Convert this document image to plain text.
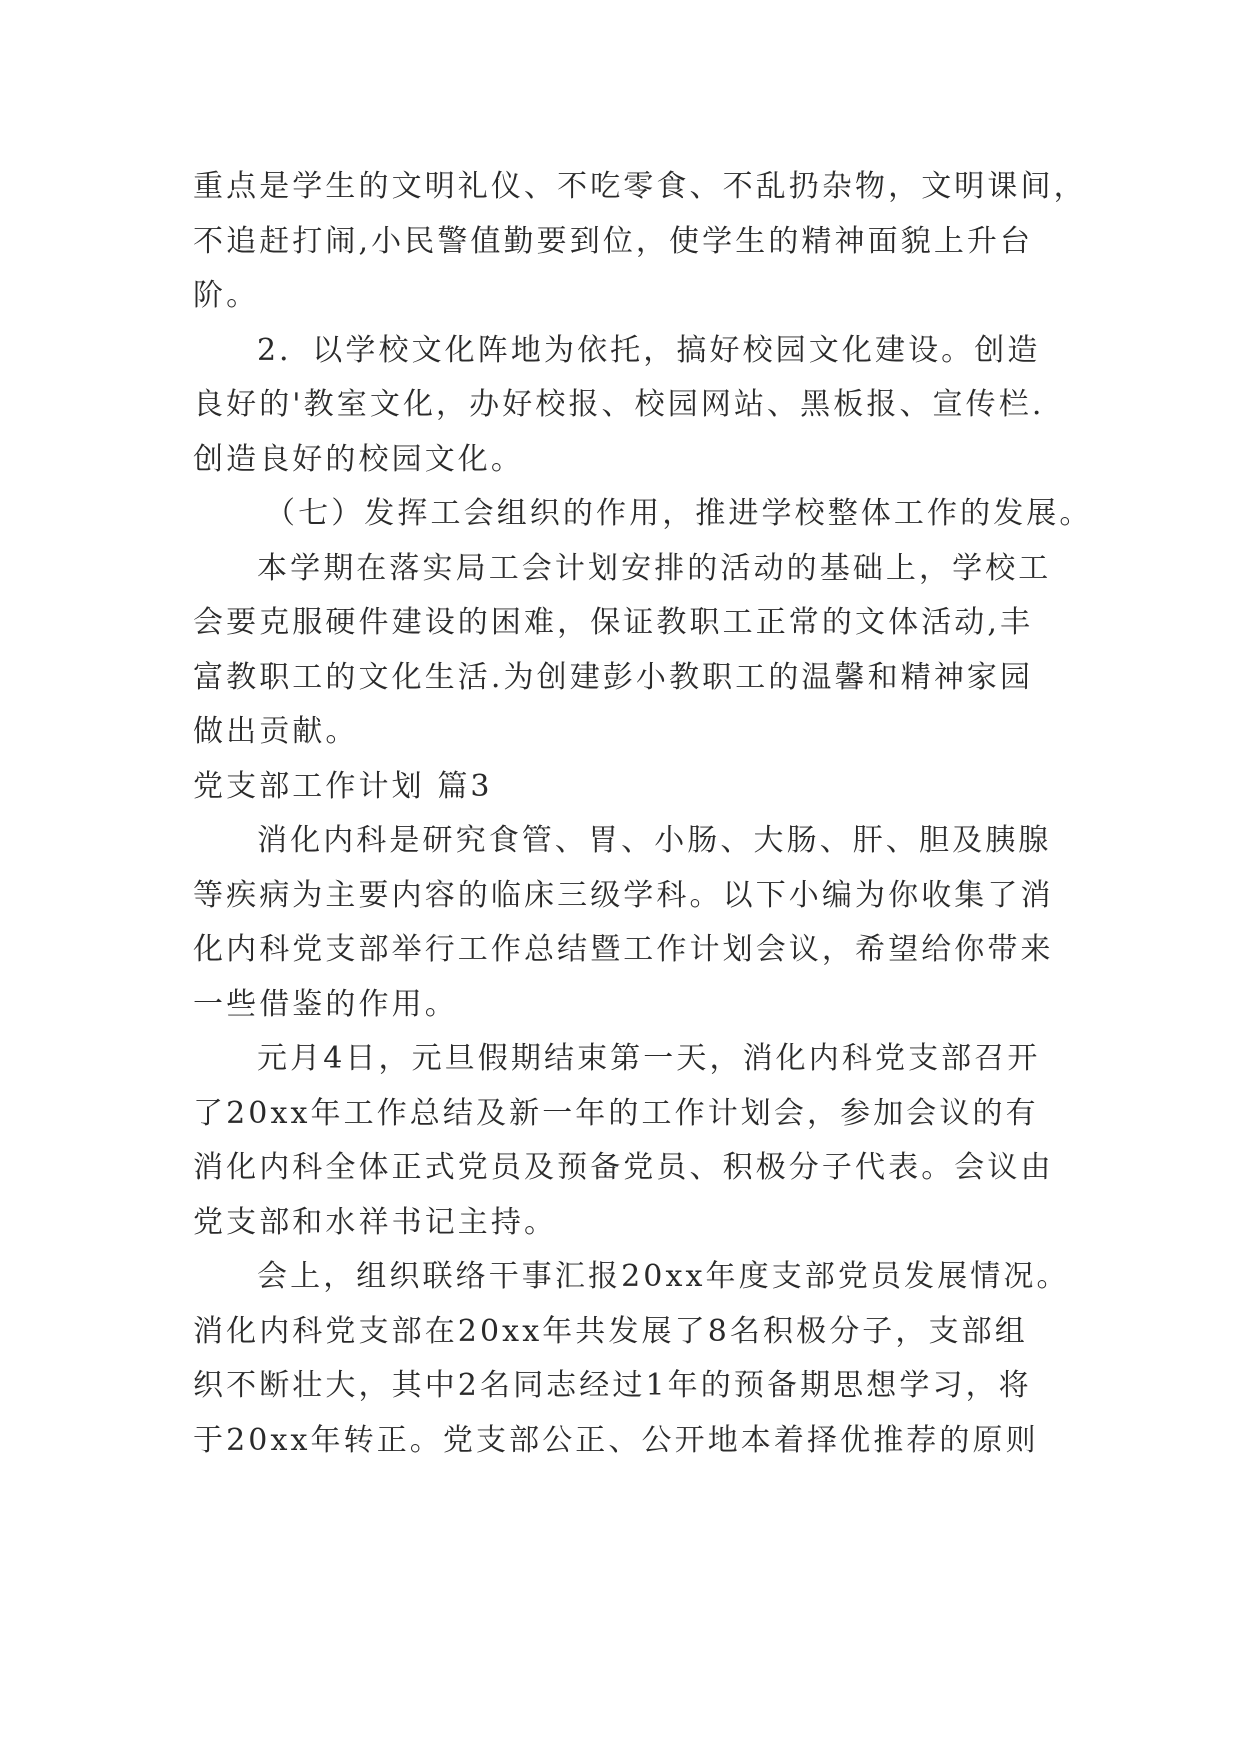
重点是学生的文明礼仪、不吃零食、不乱扔杂物，文明课间，
不追赶打闹,小民警值勤要到位，使学生的精神面貌上升台
阶。
2．以学校文化阵地为依托，搞好校园文化建设。创造
良好的'教室文化，办好校报、校园网站、黑板报、宣传栏.
创造良好的校园文化。
（七）发挥工会组织的作用，推进学校整体工作的发展。
本学期在落实局工会计划安排的活动的基础上，学校工
会要克服硬件建设的困难，保证教职工正常的文体活动,丰
富教职工的文化生活.为创建彭小教职工的温馨和精神家园
做出贡献。
党支部工作计划 篇3
消化内科是研究食管、胃、小肠、大肠、肝、胆及胰腺
等疾病为主要内容的临床三级学科。以下小编为你收集了消
化内科党支部举行工作总结暨工作计划会议，希望给你带来
一些借鉴的作用。
元月4日，元旦假期结束第一天，消化内科党支部召开
了20xx年工作总结及新一年的工作计划会，参加会议的有
消化内科全体正式党员及预备党员、积极分子代表。会议由
党支部和水祥书记主持。
会上，组织联络干事汇报20xx年度支部党员发展情况。
消化内科党支部在20xx年共发展了8名积极分子，支部组
织不断壮大，其中2名同志经过1年的预备期思想学习，将
于20xx年转正。党支部公正、公开地本着择优推荐的原则
